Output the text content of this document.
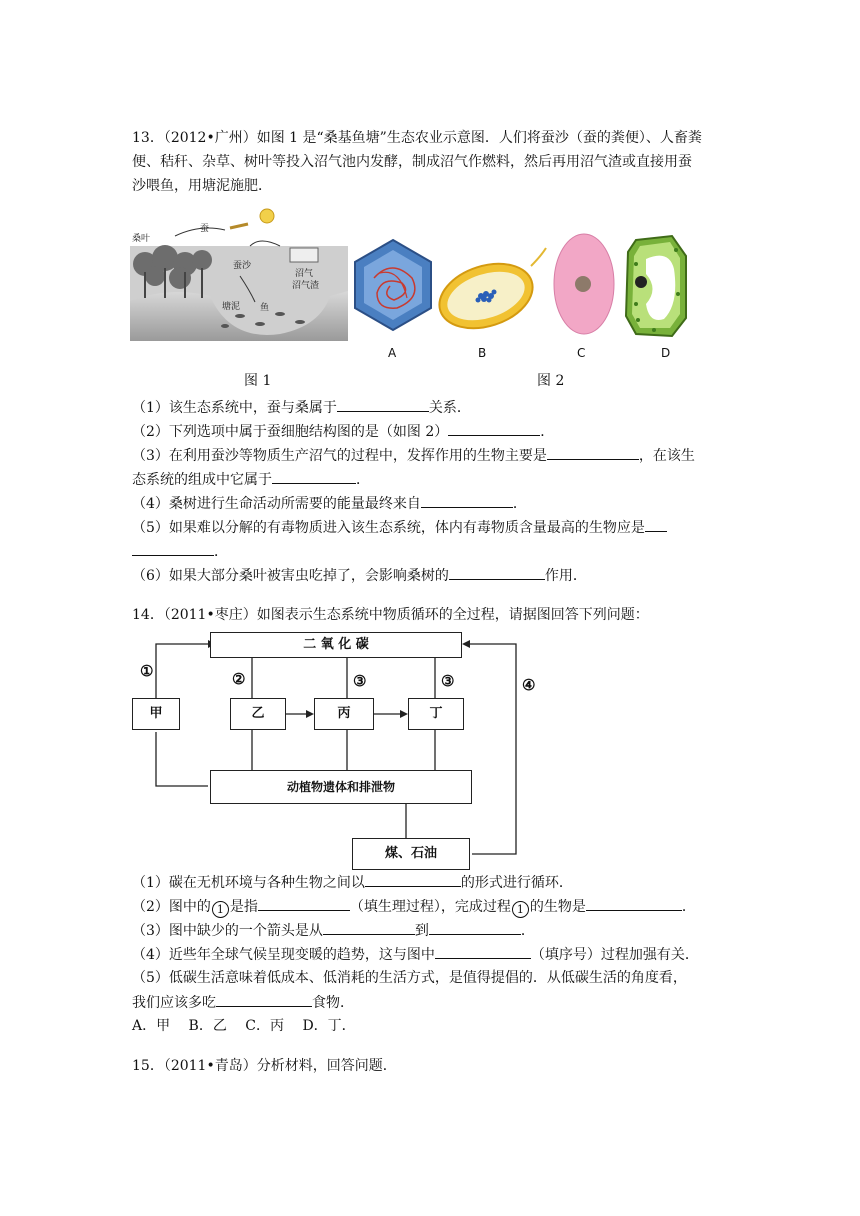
13．（2012•广州）如图 1 是“桑基鱼塘”生态农业示意图．人们将蚕沙（蚕的粪便）、人畜粪
便、秸秆、杂草、树叶等投入沼气池内发酵，制成沼气作燃料，然后再用沼气渣或直接用蚕
沙喂鱼，用塘泥施肥．
桑叶
蚕
蚕沙
沼气
沼气渣
塘泥 鱼
A	B	C	D
图 1	图 2
（1）该生态系统中，蚕与桑属于	关系．
（2）下列选项中属于蚕细胞结构图的是（如图 2）	．
（3）在利用蚕沙等物质生产沼气的过程中，发挥作用的生物主要是	，在该生
态系统的组成中它属于	．
（4）桑树进行生命活动所需要的能量最终来自	．
（5）如果难以分解的有毒物质进入该生态系统，体内有毒物质含量最高的生物应是
．
（6）如果大部分桑叶被害虫吃掉了，会影响桑树的	作用．
14．（2011•枣庄）如图表示生态系统中物质循环的全过程，请据图回答下列问题：
二 氧 化 碳
甲	乙	丙	丁
动植物遗体和排泄物
煤、石油
①	②	③	③	④
（1）碳在无机环境与各种生物之间以	的形式进行循环．
（2）图中的 1 是指	（填生理过程），完成过程 1 的生物是	．
（3）图中缺少的一个箭头是从	到	．
（4）近些年全球气候呈现变暖的趋势，这与图中	（填序号）过程加强有关．
（5）低碳生活意味着低成本、低消耗的生活方式，是值得提倡的．从低碳生活的角度看，
我们应该多吃	食物．
A．甲　 B．乙　 C．丙　 D．丁．
15．（2011•青岛）分析材料，回答问题．
